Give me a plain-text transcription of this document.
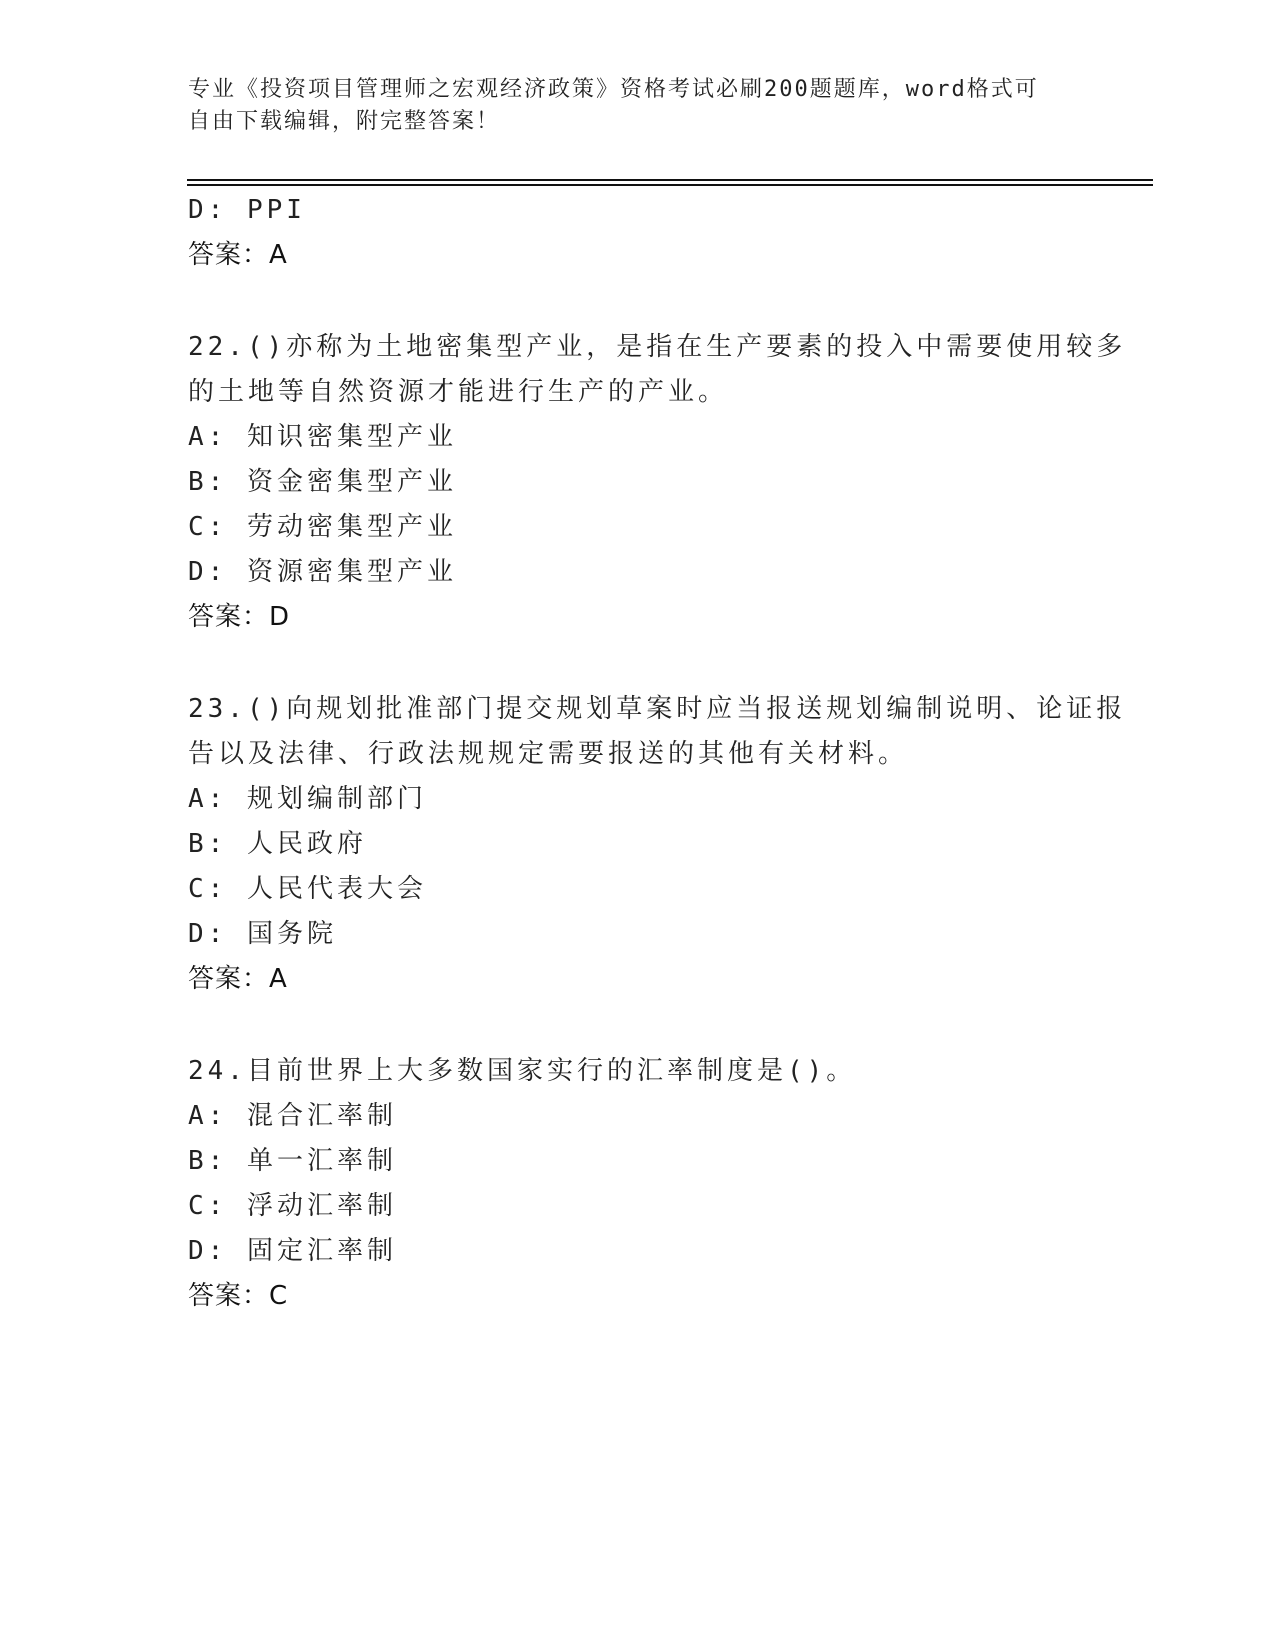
专业《投资项目管理师之宏观经济政策》资格考试必刷200题题库，word格式可
自由下载编辑，附完整答案！
D: PPI
答案：A
22.()亦称为土地密集型产业，是指在生产要素的投入中需要使用较多
的土地等自然资源才能进行生产的产业。
A: 知识密集型产业
B: 资金密集型产业
C: 劳动密集型产业
D: 资源密集型产业
答案：D
23.()向规划批准部门提交规划草案时应当报送规划编制说明、论证报
告以及法律、行政法规规定需要报送的其他有关材料。
A: 规划编制部门
B: 人民政府
C: 人民代表大会
D: 国务院
答案：A
24.目前世界上大多数国家实行的汇率制度是()。
A: 混合汇率制
B: 单一汇率制
C: 浮动汇率制
D: 固定汇率制
答案：C
